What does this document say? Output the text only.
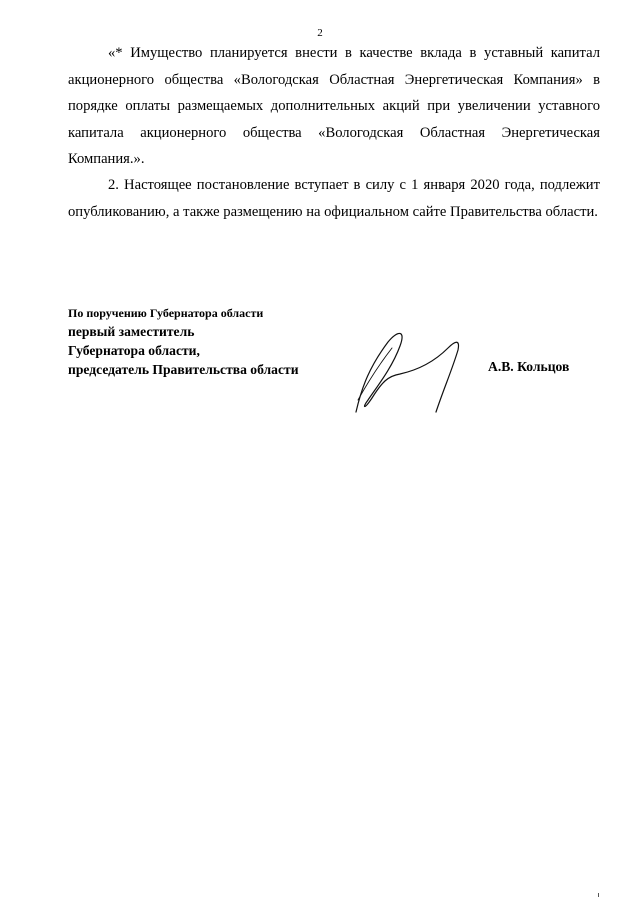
2

«* Имущество планируется внести в качестве вклада в уставный капитал акционерного общества «Вологодская Областная Энергетическая Компания» в порядке оплаты размещаемых дополнительных акций при увеличении уставного капитала акционерного общества «Вологодская Областная Энергетическая Компания.».

2. Настоящее постановление вступает в силу с 1 января 2020 года, подлежит опубликованию, а также размещению на официальном сайте Правительства области.

По поручению Губернатора области
первый заместитель
Губернатора области,
председатель Правительства области	А.В. Кольцов
